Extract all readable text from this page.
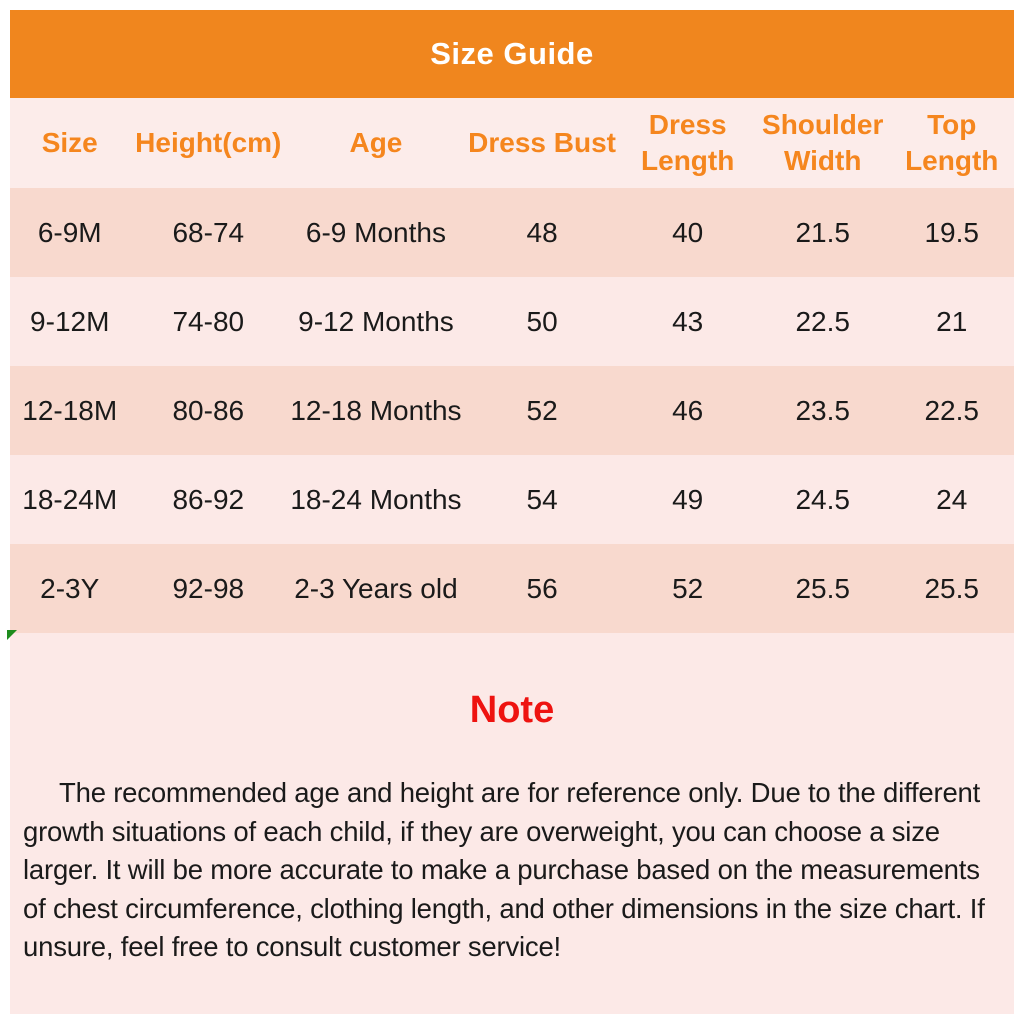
Size Guide
Size	Height(cm)	Age	Dress Bust	Dress Length	Shoulder Width	Top Length
6-9M	68-74	6-9 Months	48	40	21.5	19.5
9-12M	74-80	9-12 Months	50	43	22.5	21
12-18M	80-86	12-18 Months	52	46	23.5	22.5
18-24M	86-92	18-24 Months	54	49	24.5	24
2-3Y	92-98	2-3 Years old	56	52	25.5	25.5
Note
The recommended age and height are for reference only. Due to the different growth situations of each child, if they are overweight, you can choose a size larger. It will be more accurate to make a purchase based on the measurements of chest circumference, clothing length, and other dimensions in the size chart. If unsure, feel free to consult customer service!
